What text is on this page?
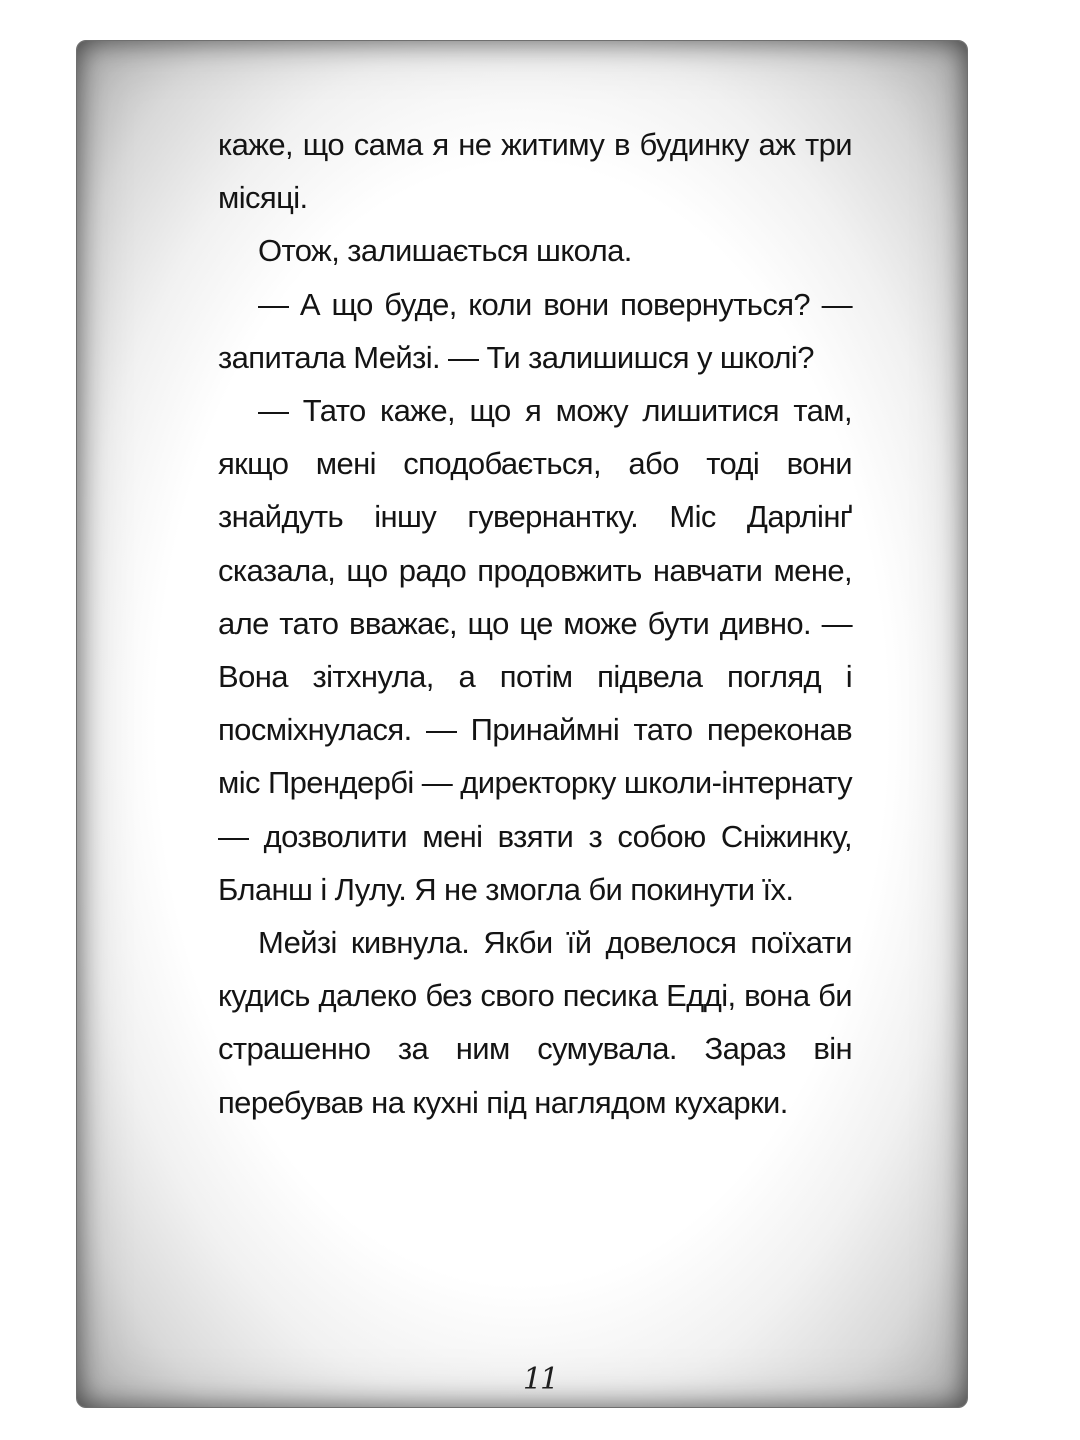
каже, що сама я не житиму в будинку аж три місяці.

Отож, залишається школа.

— А що буде, коли вони повернуться? — запитала Мейзі. — Ти залишишся у школі?

— Тато каже, що я можу лишитися там, якщо мені сподобається, або тоді вони знайдуть іншу гувернантку. Міс Дарлінґ сказала, що радо продовжить навчати мене, але тато вважає, що це може бути дивно. — Вона зітхнула, а потім підвела погляд і посміхнулася. — Принаймні тато переконав міс Прендербі — директорку школи-інтернату — дозволити мені взяти з собою Сніжинку, Бланш і Лулу. Я не змогла би покинути їх.

Мейзі кивнула. Якби їй довелося поїхати кудись далеко без свого песика Едді, вона би страшенно за ним сумувала. Зараз він перебував на кухні під наглядом кухарки.

11
